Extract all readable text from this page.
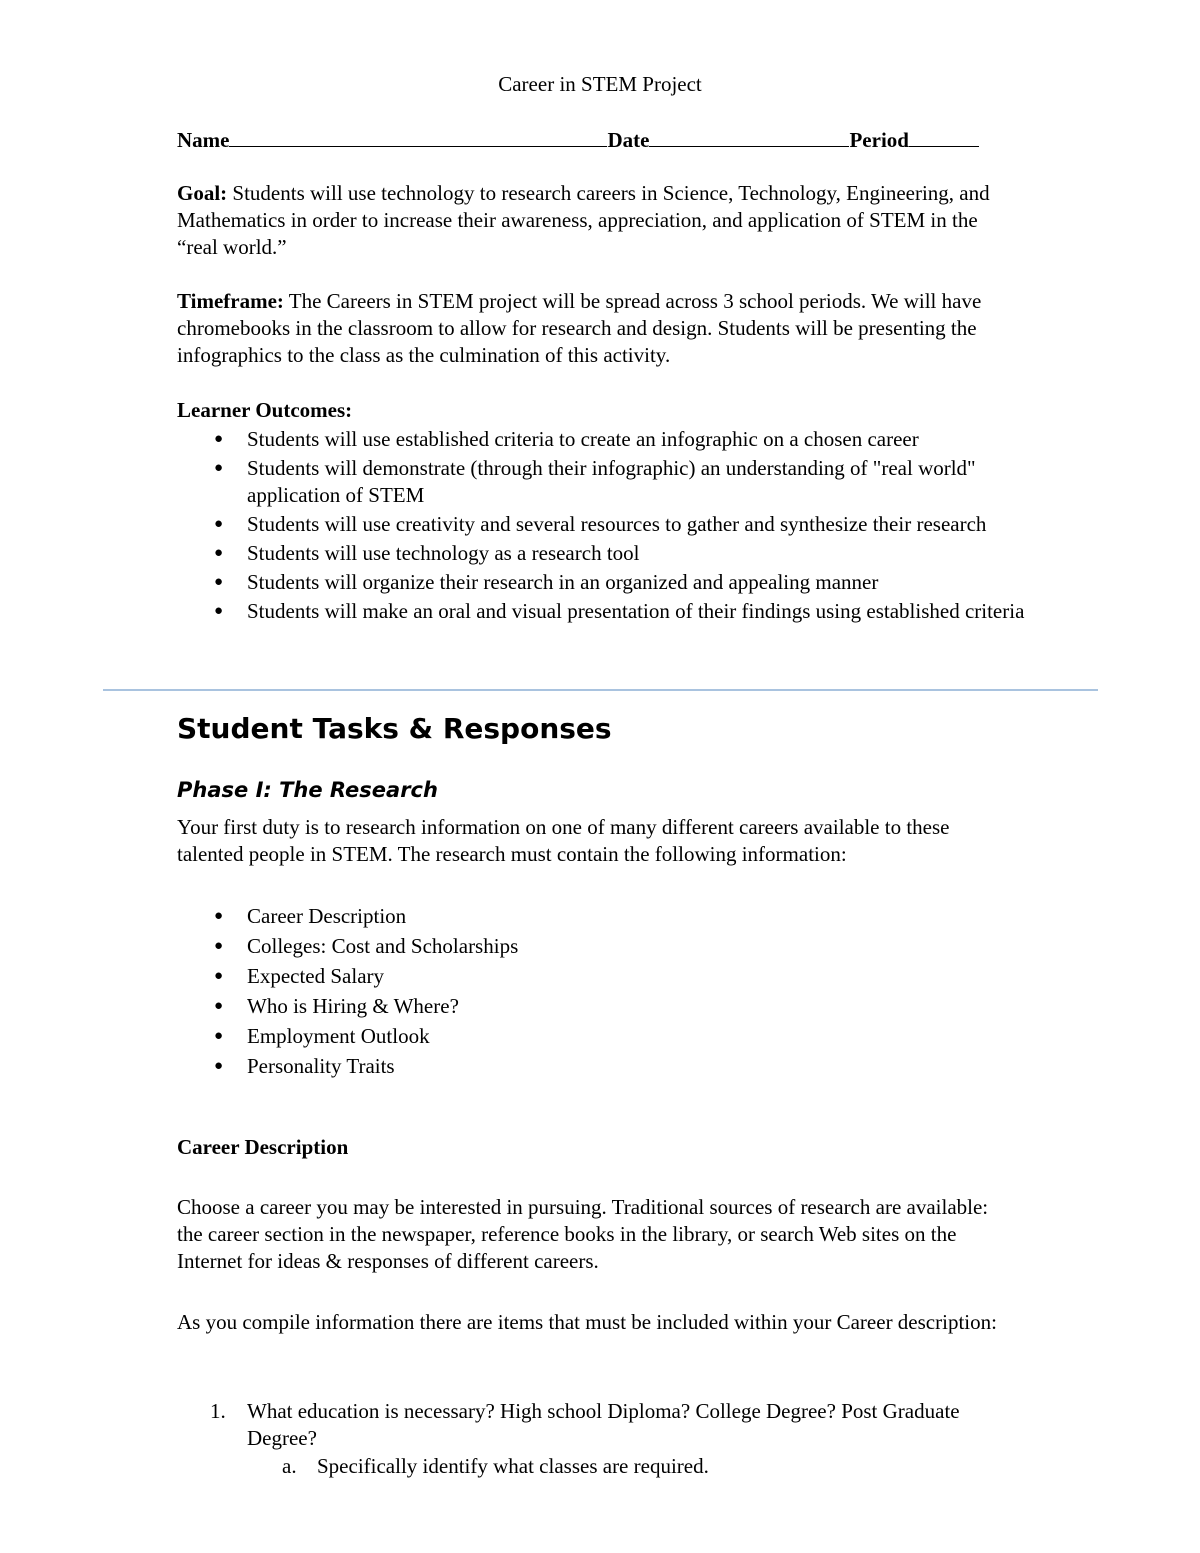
Career in STEM Project
Name	Date	Period
Goal: Students will use technology to research careers in Science, Technology, Engineering, and Mathematics in order to increase their awareness, appreciation, and application of STEM in the “real world.”
Timeframe: The Careers in STEM project will be spread across 3 school periods. We will have chromebooks in the classroom to allow for research and design. Students will be presenting the infographics to the class as the culmination of this activity.
Learner Outcomes:
● Students will use established criteria to create an infographic on a chosen career
● Students will demonstrate (through their infographic) an understanding of "real world" application of STEM
● Students will use creativity and several resources to gather and synthesize their research
● Students will use technology as a research tool
● Students will organize their research in an organized and appealing manner
● Students will make an oral and visual presentation of their findings using established criteria
Student Tasks & Responses
Phase I: The Research
Your first duty is to research information on one of many different careers available to these talented people in STEM. The research must contain the following information:
● Career Description
● Colleges: Cost and Scholarships
● Expected Salary
● Who is Hiring & Where?
● Employment Outlook
● Personality Traits
Career Description
Choose a career you may be interested in pursuing. Traditional sources of research are available: the career section in the newspaper, reference books in the library, or search Web sites on the Internet for ideas & responses of different careers.
As you compile information there are items that must be included within your Career description:
1.	What education is necessary? High school Diploma? College Degree? Post Graduate Degree?
a. Specifically identify what classes are required.
